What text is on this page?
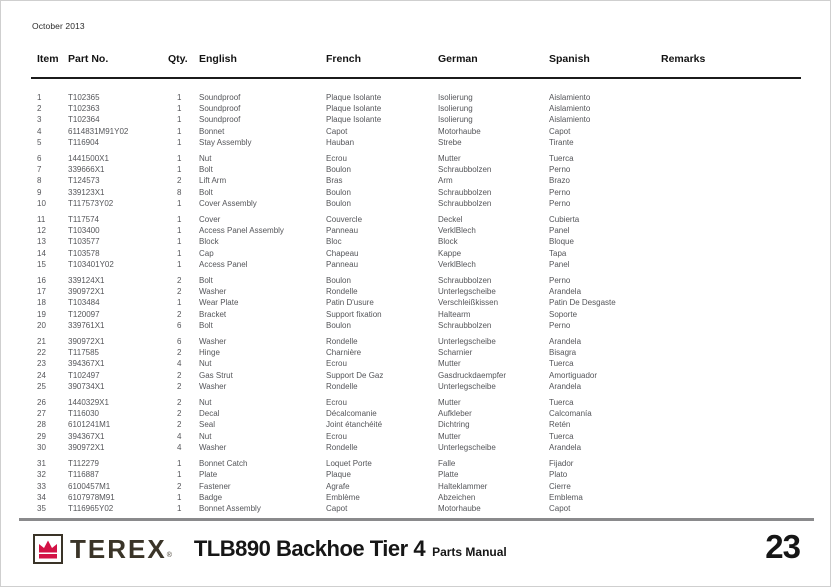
October 2013
Item Part No.	Qty.	English	French	German	Spanish	Remarks
1	T102365	1	Soundproof	Plaque Isolante	Isolierung	Aislamiento
2	T102363	1	Soundproof	Plaque Isolante	Isolierung	Aislamiento
3	T102364	1	Soundproof	Plaque Isolante	Isolierung	Aislamiento
4	6114831M91Y02	1	Bonnet	Capot	Motorhaube	Capot
5	T116904	1	Stay Assembly	Hauban	Strebe	Tirante
6	1441500X1	1	Nut	Ecrou	Mutter	Tuerca
7	339666X1	1	Bolt	Boulon	Schraubbolzen	Perno
8	T124573	2	Lift Arm	Bras	Arm	Brazo
9	339123X1	8	Bolt	Boulon	Schraubbolzen	Perno
10	T117573Y02	1	Cover Assembly	Boulon	Schraubbolzen	Perno
11	T117574	1	Cover	Couvercle	Deckel	Cubierta
12	T103400	1	Access Panel Assembly	Panneau	VerklBlech	Panel
13	T103577	1	Block	Bloc	Block	Bloque
14	T103578	1	Cap	Chapeau	Kappe	Tapa
15	T103401Y02	1	Access Panel	Panneau	VerklBlech	Panel
16	339124X1	2	Bolt	Boulon	Schraubbolzen	Perno
17	390972X1	2	Washer	Rondelle	Unterlegscheibe	Arandela
18	T103484	1	Wear Plate	Patin D'usure	Verschleißkissen	Patin De Desgaste
19	T120097	2	Bracket	Support fixation	Haltearm	Soporte
20	339761X1	6	Bolt	Boulon	Schraubbolzen	Perno
21	390972X1	6	Washer	Rondelle	Unterlegscheibe	Arandela
22	T117585	2	Hinge	Charnière	Scharnier	Bisagra
23	394367X1	4	Nut	Ecrou	Mutter	Tuerca
24	T102497	2	Gas Strut	Support De Gaz	Gasdruckdaempfer	Amortiguador
25	390734X1	2	Washer	Rondelle	Unterlegscheibe	Arandela
26	1440329X1	2	Nut	Ecrou	Mutter	Tuerca
27	T116030	2	Decal	Décalcomanie	Aufkleber	Calcomanía
28	6101241M1	2	Seal	Joint étanchéité	Dichtring	Retén
29	394367X1	4	Nut	Ecrou	Mutter	Tuerca
30	390972X1	4	Washer	Rondelle	Unterlegscheibe	Arandela
31	T112279	1	Bonnet Catch	Loquet Porte	Falle	Fijador
32	T116887	1	Plate	Plaque	Platte	Plato
33	6100457M1	2	Fastener	Agrafe	Halteklammer	Cierre
34	6107978M91	1	Badge	Emblème	Abzeichen	Emblema
35	T116965Y02	1	Bonnet Assembly	Capot	Motorhaube	Capot
TEREX ® TLB890 Backhoe Tier 4 Parts Manual	23
